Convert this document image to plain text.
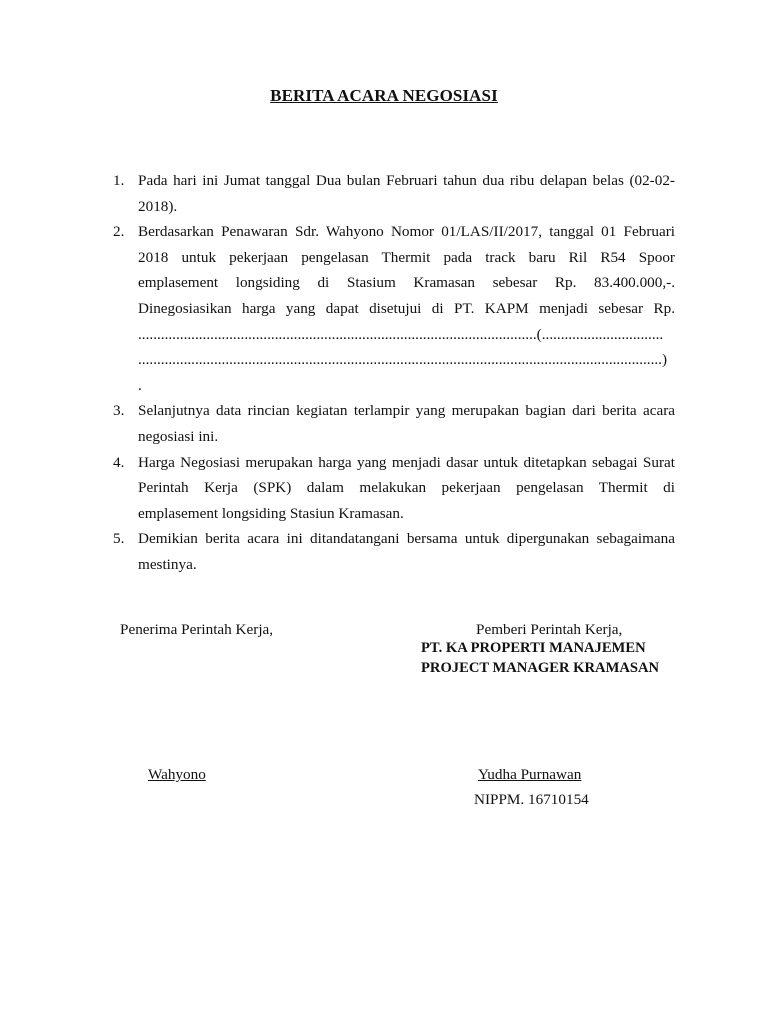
BERITA ACARA NEGOSIASI
1. Pada hari ini Jumat tanggal Dua bulan Februari tahun dua ribu delapan belas (02-02-
2018).
2. Berdasarkan Penawaran Sdr. Wahyono Nomor 01/LAS/II/2017, tanggal 01 Februari
2018 untuk pekerjaan pengelasan Thermit pada track baru Ril R54 Spoor
emplasement longsiding di Stasium Kramasan sebesar Rp. 83.400.000,-.
Dinegosiasikan harga yang dapat disetujui di PT. KAPM menjadi sebesar Rp.
.........................................................................................................(................................
..........................................................................................................................................)
.
3. Selanjutnya data rincian kegiatan terlampir yang merupakan bagian dari berita acara
negosiasi ini.
4. Harga Negosiasi merupakan harga yang menjadi dasar untuk ditetapkan sebagai Surat
Perintah Kerja (SPK) dalam melakukan pekerjaan pengelasan Thermit di
emplasement longsiding Stasiun Kramasan.
5. Demikian berita acara ini ditandatangani bersama untuk dipergunakan sebagaimana
mestinya.
Penerima Perintah Kerja,	Pemberi Perintah Kerja,
PT. KA PROPERTI MANAJEMEN
PROJECT MANAGER KRAMASAN
Wahyono	Yudha Purnawan
NIPPM. 16710154
